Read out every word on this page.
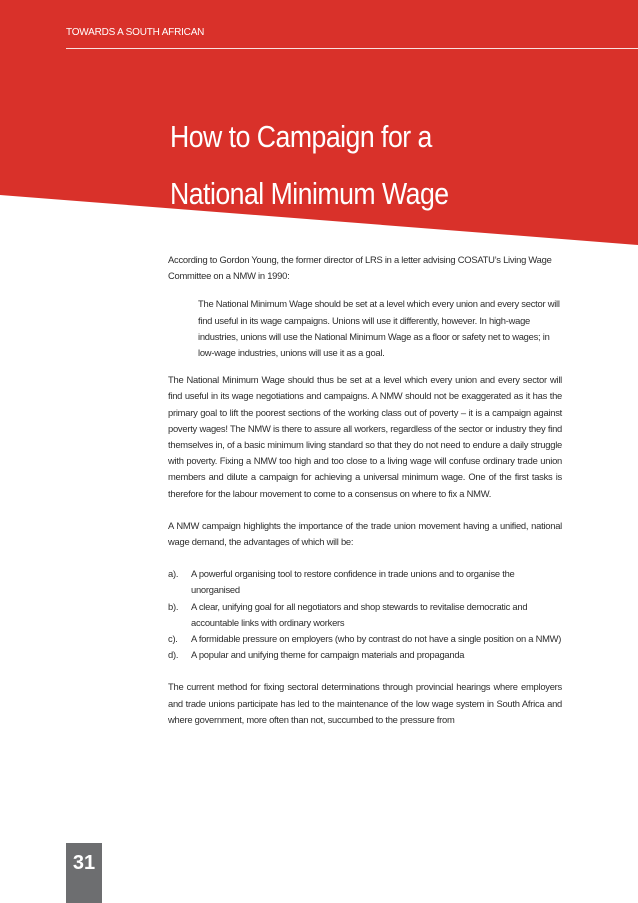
TOWARDS A SOUTH AFRICAN
How to Campaign for a
National Minimum Wage

According to Gordon Young, the former director of LRS in a letter advising COSATU’s Living Wage Committee on a NMW in 1990:

The National Minimum Wage should be set at a level which every union and every sector will find useful in its wage campaigns. Unions will use it differently, however. In high-wage industries, unions will use the National Minimum Wage as a floor or safety net to wages; in low-wage industries, unions will use it as a goal.

The National Minimum Wage should thus be set at a level which every union and every sector will find useful in its wage negotiations and campaigns. A NMW should not be exaggerated as it has the primary goal to lift the poorest sections of the working class out of poverty – it is a campaign against poverty wages! The NMW is there to assure all workers, regardless of the sector or industry they find themselves in, of a basic minimum living standard so that they do not need to endure a daily struggle with poverty. Fixing a NMW too high and too close to a living wage will confuse ordinary trade union members and dilute a campaign for achieving a universal minimum wage. One of the first tasks is therefore for the labour movement to come to a consensus on where to fix a NMW.

A NMW campaign highlights the importance of the trade union movement having a unified, national wage demand, the advantages of which will be:

a). A powerful organising tool to restore confidence in trade unions and to organise the unorganised
b). A clear, unifying goal for all negotiators and shop stewards to revitalise democratic and accountable links with ordinary workers
c). A formidable pressure on employers (who by contrast do not have a single position on a NMW)
d). A popular and unifying theme for campaign materials and propaganda

The current method for fixing sectoral determinations through provincial hearings where employers and trade unions participate has led to the maintenance of the low wage system in South Africa and where government, more often than not, succumbed to the pressure from

31
